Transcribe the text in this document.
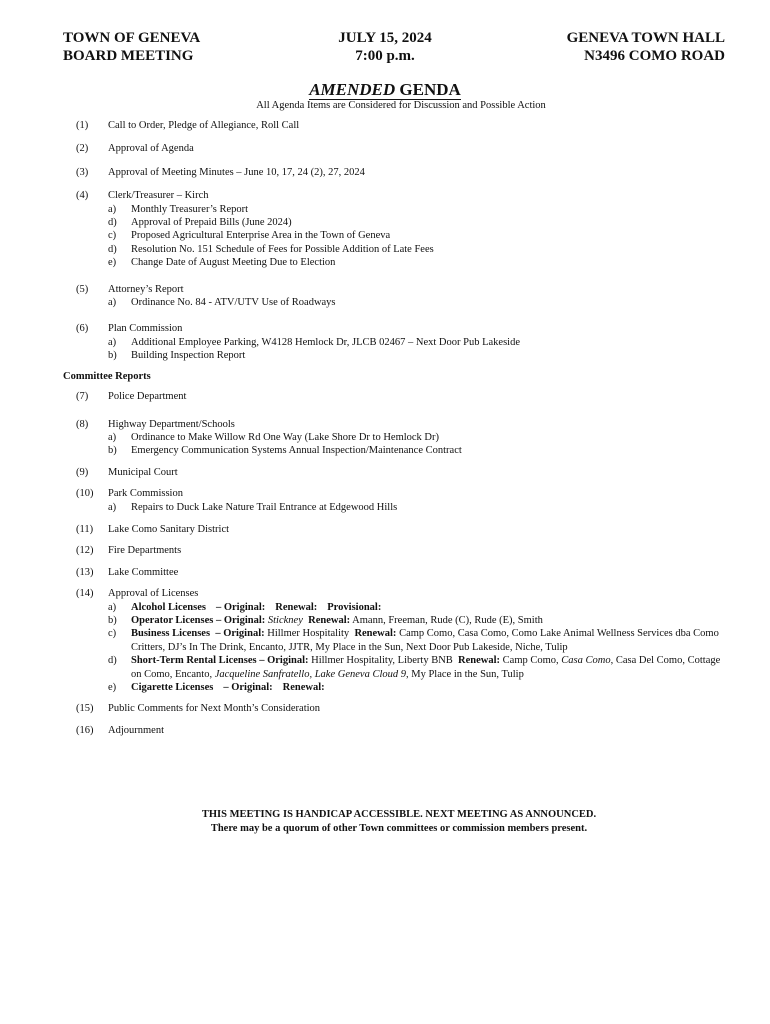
TOWN OF GENEVA
BOARD MEETING
JULY 15, 2024
7:00 p.m.
GENEVA TOWN HALL
N3496 COMO ROAD
AMENDED GENDA
All Agenda Items are Considered for Discussion and Possible Action
(1) Call to Order, Pledge of Allegiance, Roll Call
(2) Approval of Agenda
(3) Approval of Meeting Minutes – June 10, 17, 24 (2), 27, 2024
(4) Clerk/Treasurer – Kirch
a) Monthly Treasurer’s Report
d) Approval of Prepaid Bills (June 2024)
c) Proposed Agricultural Enterprise Area in the Town of Geneva
d) Resolution No. 151 Schedule of Fees for Possible Addition of Late Fees
e) Change Date of August Meeting Due to Election
(5) Attorney’s Report
a) Ordinance No. 84 - ATV/UTV Use of Roadways
(6) Plan Commission
a) Additional Employee Parking, W4128 Hemlock Dr, JLCB 02467 – Next Door Pub Lakeside
b) Building Inspection Report
Committee Reports
(7) Police Department
(8) Highway Department/Schools
a) Ordinance to Make Willow Rd One Way (Lake Shore Dr to Hemlock Dr)
b) Emergency Communication Systems Annual Inspection/Maintenance Contract
(9) Municipal Court
(10) Park Commission
a) Repairs to Duck Lake Nature Trail Entrance at Edgewood Hills
(11) Lake Como Sanitary District
(12) Fire Departments
(13) Lake Committee
(14) Approval of Licenses
a) Alcohol Licenses – Original: Renewal: Provisional:
b) Operator Licenses – Original: Stickney Renewal: Amann, Freeman, Rude (C), Rude (E), Smith
c) Business Licenses – Original: Hillmer Hospitality Renewal: Camp Como, Casa Como, Como Lake Animal Wellness Services dba Como Critters, DJ’s In The Drink, Encanto, JJTR, My Place in the Sun, Next Door Pub Lakeside, Niche, Tulip
d) Short-Term Rental Licenses – Original: Hillmer Hospitality, Liberty BNB Renewal: Camp Como, Casa Como, Casa Del Como, Cottage on Como, Encanto, Jacqueline Sanfratello, Lake Geneva Cloud 9, My Place in the Sun, Tulip
e) Cigarette Licenses – Original: Renewal:
(15) Public Comments for Next Month’s Consideration
(16) Adjournment
THIS MEETING IS HANDICAP ACCESSIBLE. NEXT MEETING AS ANNOUNCED.
There may be a quorum of other Town committees or commission members present.
